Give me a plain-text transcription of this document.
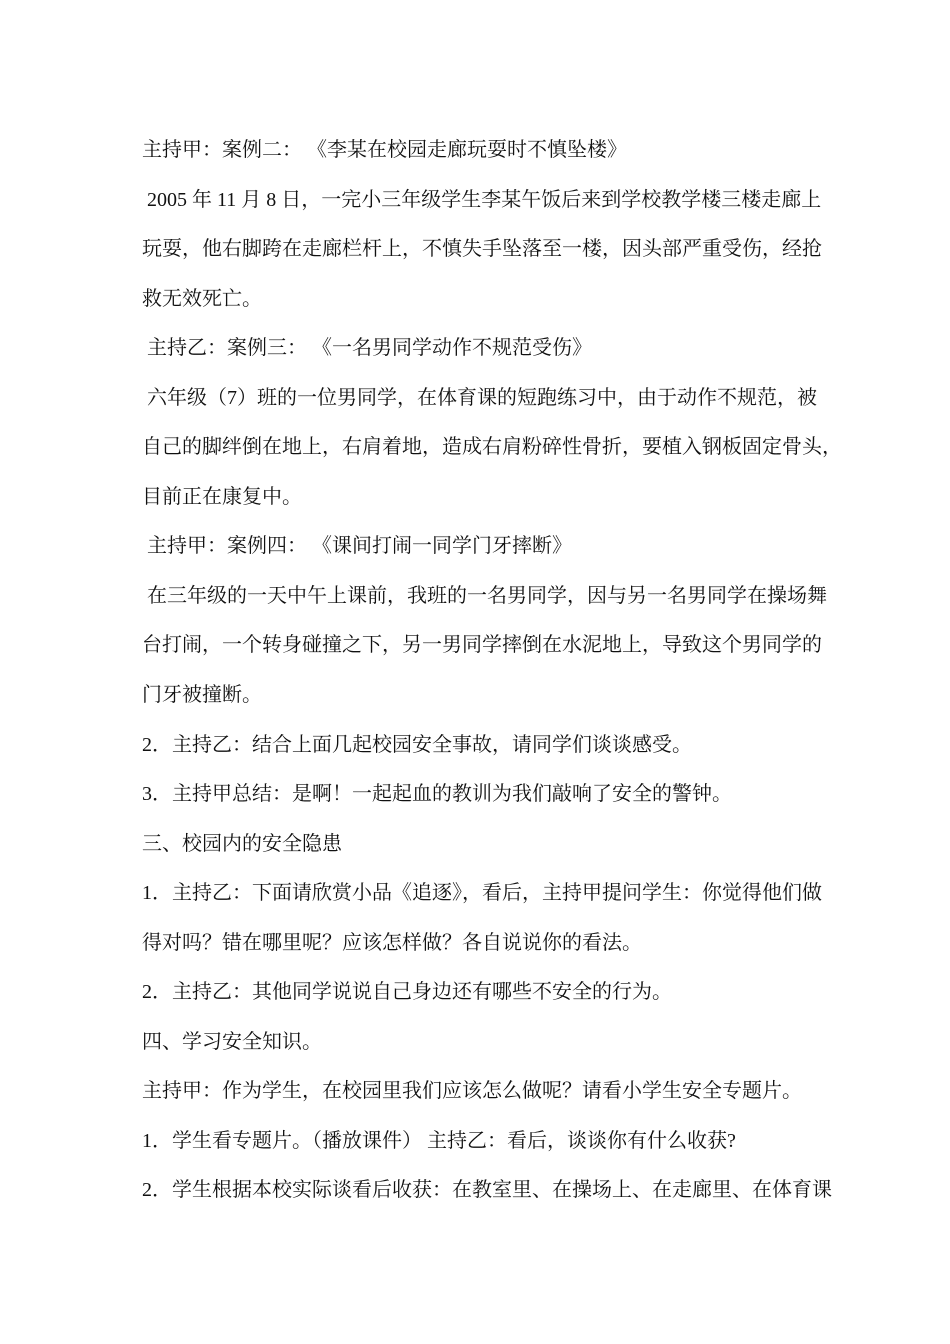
主持甲：案例二： 《李某在校园走廊玩耍时不慎坠楼》
2005 年 11 月 8 日，一完小三年级学生李某午饭后来到学校教学楼三楼走廊上
玩耍，他右脚跨在走廊栏杆上，不慎失手坠落至一楼，因头部严重受伤，经抢
救无效死亡。
主持乙：案例三： 《一名男同学动作不规范受伤》
六年级（7）班的一位男同学，在体育课的短跑练习中，由于动作不规范，被
自己的脚绊倒在地上，右肩着地，造成右肩粉碎性骨折，要植入钢板固定骨头，
目前正在康复中。
主持甲：案例四： 《课间打闹一同学门牙摔断》
在三年级的一天中午上课前，我班的一名男同学，因与另一名男同学在操场舞
台打闹，一个转身碰撞之下，另一男同学摔倒在水泥地上，导致这个男同学的
门牙被撞断。
2．主持乙：结合上面几起校园安全事故，请同学们谈谈感受。
3．主持甲总结：是啊！一起起血的教训为我们敲响了安全的警钟。
三、校园内的安全隐患
1．主持乙：下面请欣赏小品《追逐》，看后，主持甲提问学生：你觉得他们做
得对吗？错在哪里呢？应该怎样做？各自说说你的看法。
2．主持乙：其他同学说说自己身边还有哪些不安全的行为。
四、学习安全知识。
主持甲：作为学生，在校园里我们应该怎么做呢？请看小学生安全专题片。
1．学生看专题片。（播放课件） 主持乙：看后，谈谈你有什么收获?
2．学生根据本校实际谈看后收获：在教室里、在操场上、在走廊里、在体育课
